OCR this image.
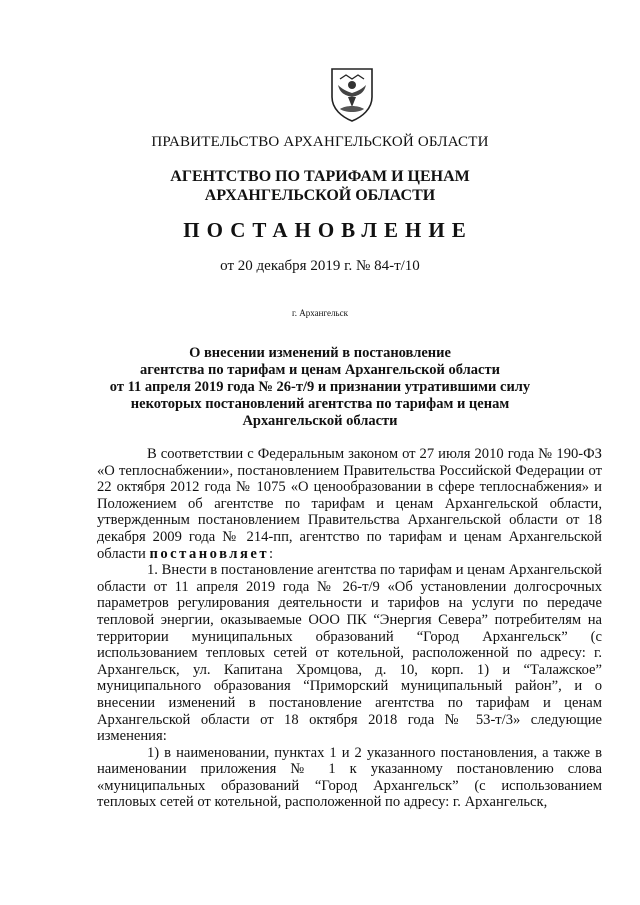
ПРАВИТЕЛЬСТВО АРХАНГЕЛЬСКОЙ ОБЛАСТИ
АГЕНТСТВО ПО ТАРИФАМ И ЦЕНАМ
АРХАНГЕЛЬСКОЙ ОБЛАСТИ
ПОСТАНОВЛЕНИЕ
от 20 декабря 2019 г. № 84-т/10
г. Архангельск
О внесении изменений в постановление
агентства по тарифам и ценам Архангельской области
от 11 апреля 2019 года № 26-т/9 и признании утратившими силу
некоторых постановлений агентства по тарифам и ценам
Архангельской области

В соответствии с Федеральным законом от 27 июля 2010 года № 190-ФЗ «О теплоснабжении», постановлением Правительства Российской Федерации от 22 октября 2012 года № 1075 «О ценообразовании в сфере теплоснабжения» и Положением об агентстве по тарифам и ценам Архангельской области, утвержденным постановлением Правительства Архангельской области от 18 декабря 2009 года № 214-пп, агентство по тарифам и ценам Архангельской области постановляет:

1. Внести в постановление агентства по тарифам и ценам Архангельской области от 11 апреля 2019 года № 26-т/9 «Об установлении долгосрочных параметров регулирования деятельности и тарифов на услуги по передаче тепловой энергии, оказываемые ООО ПК “Энергия Севера” потребителям на территории муниципальных образований “Город Архангельск” (с использованием тепловых сетей от котельной, расположенной по адресу: г. Архангельск, ул. Капитана Хромцова, д. 10, корп. 1) и “Талажское” муниципального образования “Приморский муниципальный район”, и о внесении изменений в постановление агентства по тарифам и ценам Архангельской области от 18 октября 2018 года № 53-т/3» следующие изменения:

1) в наименовании, пунктах 1 и 2 указанного постановления, а также в наименовании приложения № 1 к указанному постановлению слова «муниципальных образований “Город Архангельск” (с использованием тепловых сетей от котельной, расположенной по адресу: г. Архангельск,
